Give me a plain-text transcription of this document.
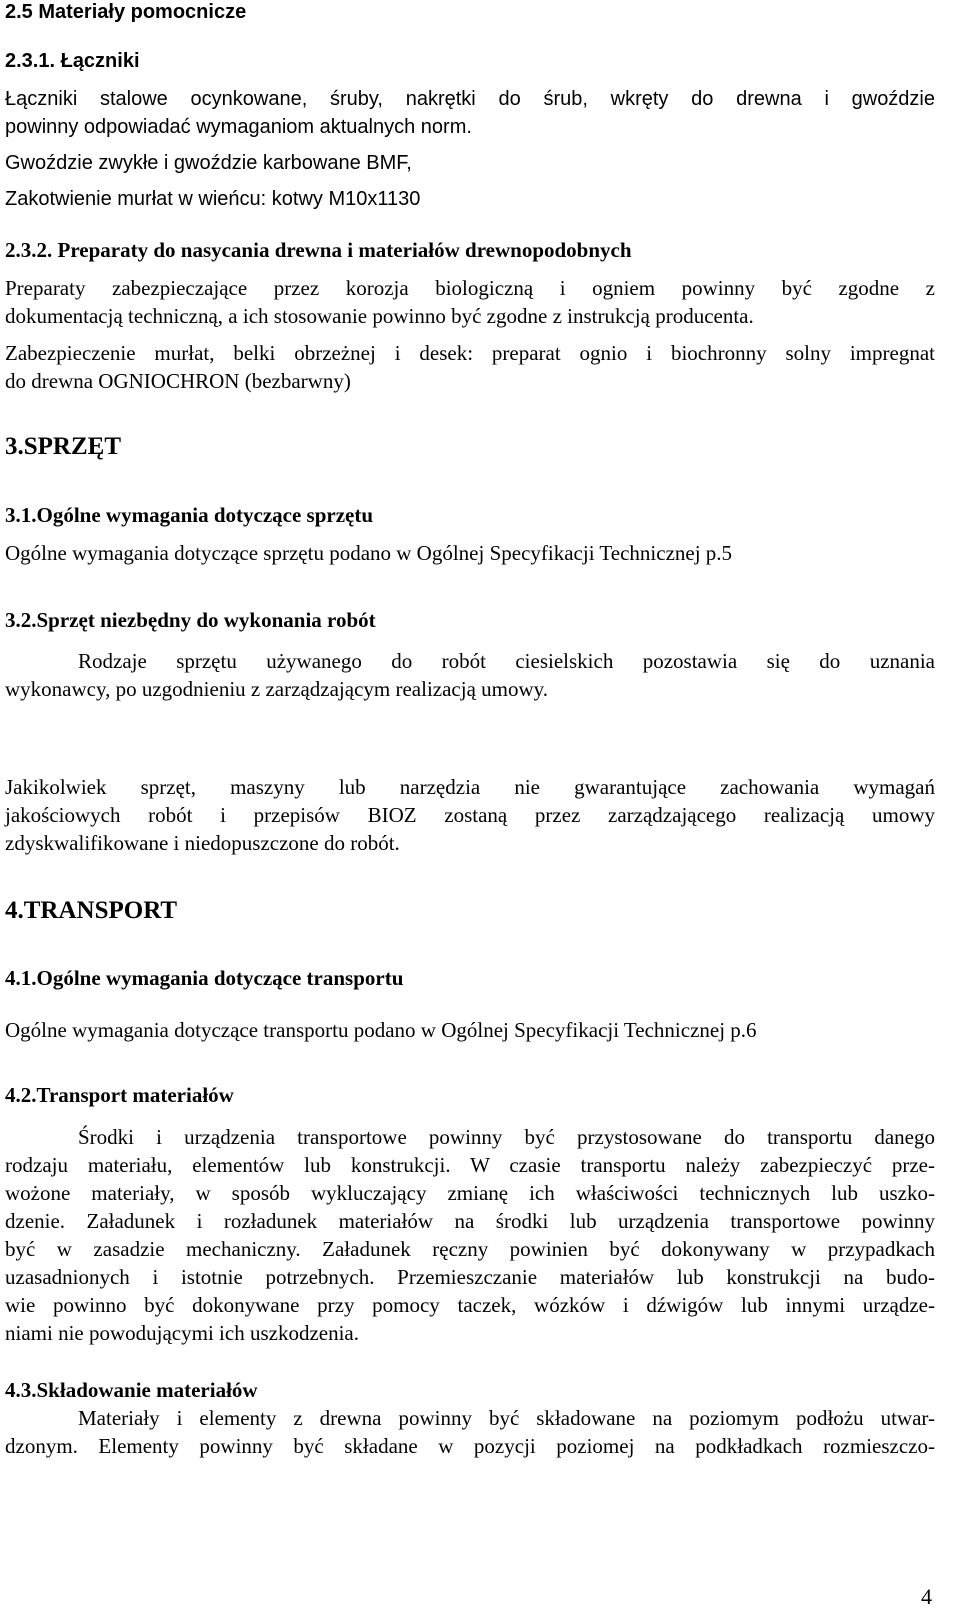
2.5 Materiały pomocnicze
2.3.1. Łączniki
Łączniki stalowe ocynkowane, śruby, nakrętki do śrub, wkręty do drewna i gwoździe
powinny odpowiadać wymaganiom aktualnych norm.
Gwoździe zwykłe i gwoździe karbowane BMF,
Zakotwienie murłat w wieńcu: kotwy M10x1130
2.3.2. Preparaty do nasycania drewna i materiałów drewnopodobnych
Preparaty zabezpieczające przez korozja biologiczną i ogniem powinny być zgodne z
dokumentacją techniczną, a ich stosowanie powinno być zgodne z instrukcją producenta.
Zabezpieczenie murłat, belki obrzeżnej i desek: preparat ognio i biochronny solny impregnat
do drewna OGNIOCHRON (bezbarwny)
3.SPRZĘT
3.1.Ogólne wymagania dotyczące sprzętu
Ogólne wymagania dotyczące sprzętu podano w Ogólnej Specyfikacji Technicznej p.5
3.2.Sprzęt niezbędny do wykonania robót
Rodzaje sprzętu używanego do robót ciesielskich pozostawia się do uznania
wykonawcy, po uzgodnieniu z zarządzającym realizacją umowy.
Jakikolwiek sprzęt, maszyny lub narzędzia nie gwarantujące zachowania wymagań
jakościowych robót i przepisów BIOZ zostaną przez zarządzającego realizacją umowy
zdyskwalifikowane i niedopuszczone do robót.
4.TRANSPORT
4.1.Ogólne wymagania dotyczące transportu
Ogólne wymagania dotyczące transportu podano w Ogólnej Specyfikacji Technicznej p.6
4.2.Transport materiałów
Środki i urządzenia transportowe powinny być przystosowane do transportu danego
rodzaju materiału, elementów lub konstrukcji. W czasie transportu należy zabezpieczyć prze-
wożone materiały, w sposób wykluczający zmianę ich właściwości technicznych lub uszko-
dzenie. Załadunek i rozładunek materiałów na środki lub urządzenia transportowe powinny
być w zasadzie mechaniczny. Załadunek ręczny powinien być dokonywany w przypadkach
uzasadnionych i istotnie potrzebnych. Przemieszczanie materiałów lub konstrukcji na budo-
wie powinno być dokonywane przy pomocy taczek, wózków i dźwigów lub innymi urządze-
niami nie powodującymi ich uszkodzenia.
4.3.Składowanie materiałów
Materiały i elementy z drewna powinny być składowane na poziomym podłożu utwar-
dzonym. Elementy powinny być składane w pozycji poziomej na podkładkach rozmieszczo-
4
